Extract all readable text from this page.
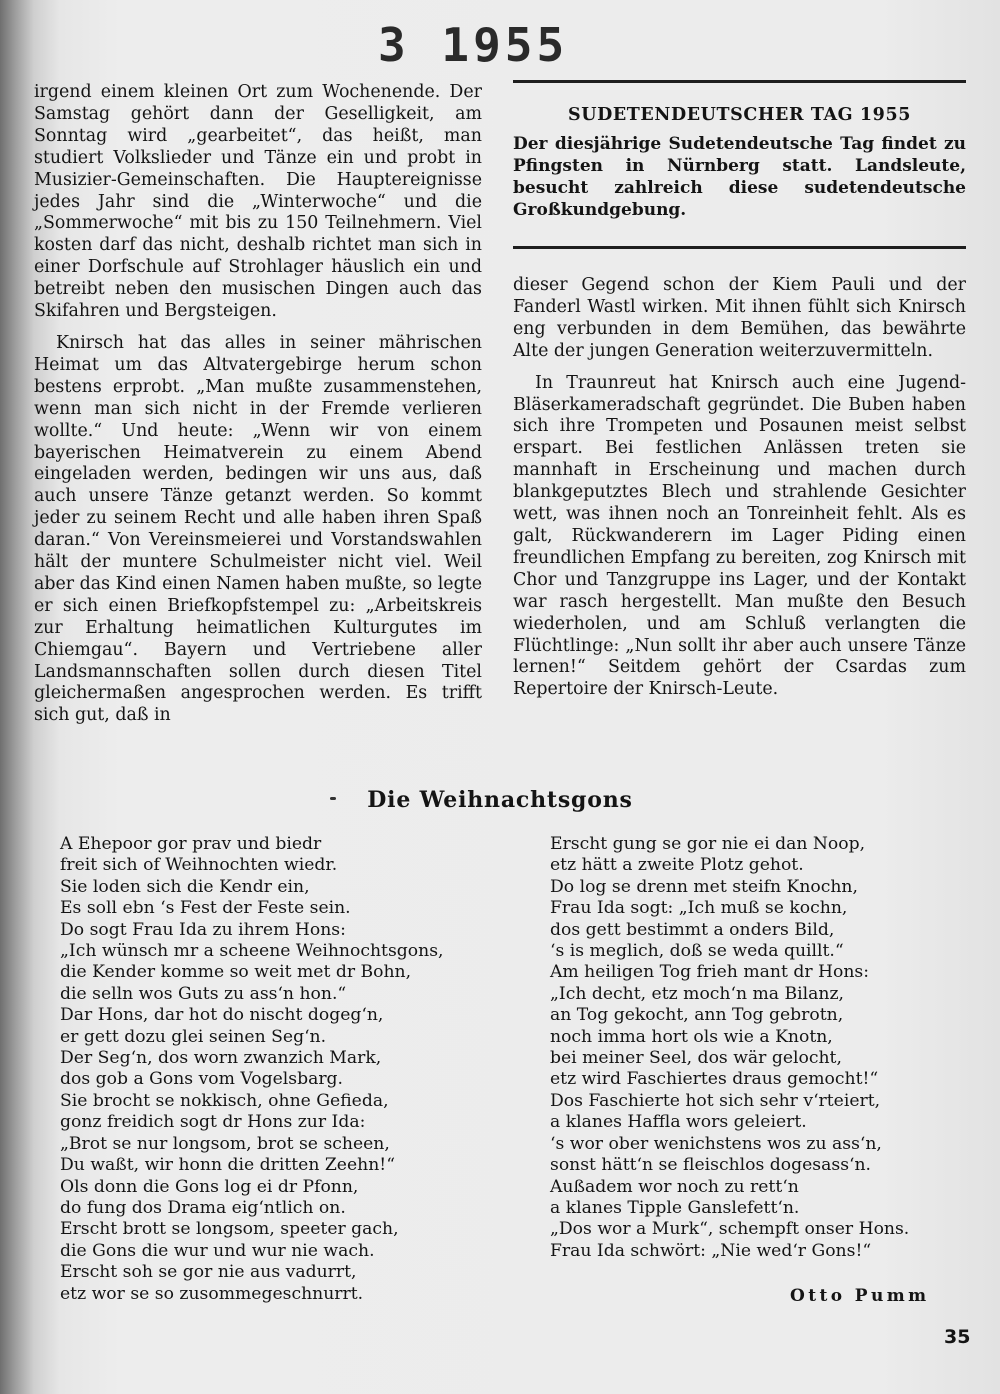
3 1955

irgend einem kleinen Ort zum Wochenende. Der Samstag gehört dann der Geselligkeit, am Sonntag wird „gearbeitet“, das heißt, man studiert Volkslieder und Tänze ein und probt in Musizier-Gemeinschaften. Die Hauptereignisse jedes Jahr sind die „Winterwoche“ und die „Sommerwoche“ mit bis zu 150 Teilnehmern. Viel kosten darf das nicht, deshalb richtet man sich in einer Dorfschule auf Strohlager häuslich ein und betreibt neben den musischen Dingen auch das Skifahren und Bergsteigen.

Knirsch hat das alles in seiner mährischen Heimat um das Altvatergebirge herum schon bestens erprobt. „Man mußte zusammenstehen, wenn man sich nicht in der Fremde verlieren wollte.“ Und heute: „Wenn wir von einem bayerischen Heimatverein zu einem Abend eingeladen werden, bedingen wir uns aus, daß auch unsere Tänze getanzt werden. So kommt jeder zu seinem Recht und alle haben ihren Spaß daran.“ Von Vereinsmeierei und Vorstandswahlen hält der muntere Schulmeister nicht viel. Weil aber das Kind einen Namen haben mußte, so legte er sich einen Briefkopfstempel zu: „Arbeitskreis zur Erhaltung heimatlichen Kulturgutes im Chiemgau“. Bayern und Vertriebene aller Landsmannschaften sollen durch diesen Titel gleichermaßen angesprochen werden. Es trifft sich gut, daß in

SUDETENDEUTSCHER TAG 1955
Der diesjährige Sudetendeutsche Tag findet zu Pfingsten in Nürnberg statt. Landsleute, besucht zahlreich diese sudetendeutsche Großkundgebung.

dieser Gegend schon der Kiem Pauli und der Fanderl Wastl wirken. Mit ihnen fühlt sich Knirsch eng verbunden in dem Bemühen, das bewährte Alte der jungen Generation weiterzuvermitteln.

In Traunreut hat Knirsch auch eine Jugend-Bläserkameradschaft gegründet. Die Buben haben sich ihre Trompeten und Posaunen meist selbst erspart. Bei festlichen Anlässen treten sie mannhaft in Erscheinung und machen durch blankgeputztes Blech und strahlende Gesichter wett, was ihnen noch an Tonreinheit fehlt. Als es galt, Rückwanderern im Lager Piding einen freundlichen Empfang zu bereiten, zog Knirsch mit Chor und Tanzgruppe ins Lager, und der Kontakt war rasch hergestellt. Man mußte den Besuch wiederholen, und am Schluß verlangten die Flüchtlinge: „Nun sollt ihr aber auch unsere Tänze lernen!“ Seitdem gehört der Csardas zum Repertoire der Knirsch-Leute.

Die Weihnachtsgons
A Ehepoor gor prav und biedr
freit sich of Weihnochten wiedr.
Sie loden sich die Kendr ein,
Es soll ebn ‘s Fest der Feste sein.
Do sogt Frau Ida zu ihrem Hons:
„Ich wünsch mr a scheene Weihnochtsgons,
die Kender komme so weit met dr Bohn,
die selln wos Guts zu ass‘n hon.“
Dar Hons, dar hot do nischt dogeg‘n,
er gett dozu glei seinen Seg‘n.
Der Seg‘n, dos worn zwanzich Mark,
dos gob a Gons vom Vogelsbarg.
Sie brocht se nokkisch, ohne Gefieda,
gonz freidich sogt dr Hons zur Ida:
„Brot se nur longsom, brot se scheen,
Du waßt, wir honn die dritten Zeehn!“
Ols donn die Gons log ei dr Pfonn,
do fung dos Drama eig‘ntlich on.
Erscht brott se longsom, speeter gach,
die Gons die wur und wur nie wach.
Erscht soh se gor nie aus vadurrt,
etz wor se so zusommegeschnurrt.
Erscht gung se gor nie ei dan Noop,
etz hätt a zweite Plotz gehot.
Do log se drenn met steifn Knochn,
Frau Ida sogt: „Ich muß se kochn,
dos gett bestimmt a onders Bild,
‘s is meglich, doß se weda quillt.“
Am heiligen Tog frieh mant dr Hons:
„Ich decht, etz moch‘n ma Bilanz,
an Tog gekocht, ann Tog gebrotn,
noch imma hort ols wie a Knotn,
bei meiner Seel, dos wär gelocht,
etz wird Faschiertes draus gemocht!“
Dos Faschierte hot sich sehr v‘rteiert,
a klanes Haffla wors geleiert.
‘s wor ober wenichstens wos zu ass‘n,
sonst hätt‘n se fleischlos dogesass‘n.
Außadem wor noch zu rett‘n
a klanes Tipple Ganslefett‘n.
„Dos wor a Murk“, schempft onser Hons.
Frau Ida schwört: „Nie wed‘r Gons!“
Otto Pumm
35
